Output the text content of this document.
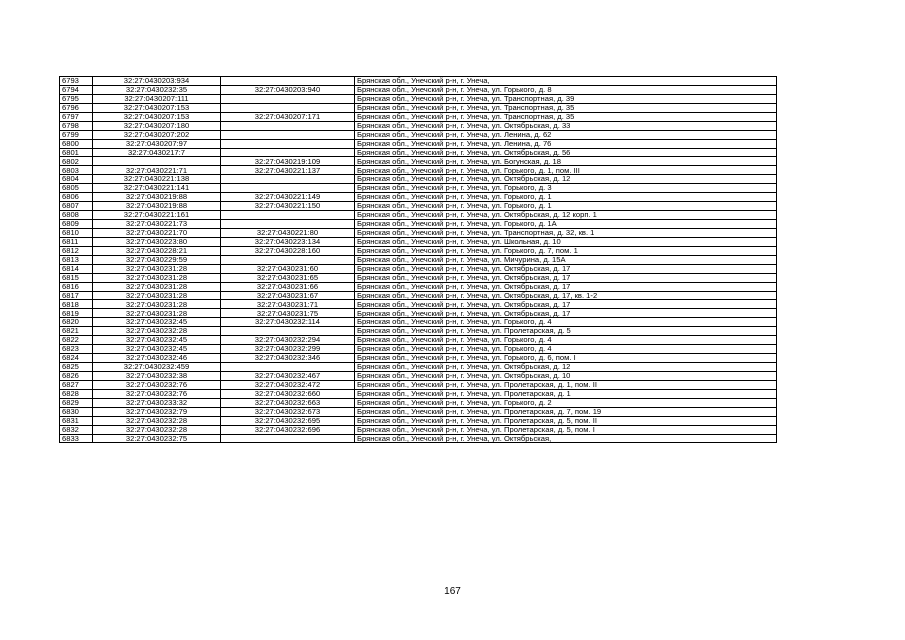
6793	32:27:0430203:934		Брянская обл., Унечский р-н, г. Унеча,
6794	32:27:0430232:35	32:27:0430203:940	Брянская обл., Унечский р-н, г. Унеча, ул. Горького, д. 8
6795	32:27:0430207:111		Брянская обл., Унечский р-н, г. Унеча, ул. Транспортная, д. 39
6796	32:27:0430207:153		Брянская обл., Унечский р-н, г. Унеча, ул. Транспортная, д. 35
6797	32:27:0430207:153	32:27:0430207:171	Брянская обл., Унечский р-н, г. Унеча, ул. Транспортная, д. 35
6798	32:27:0430207:180		Брянская обл., Унечский р-н, г. Унеча, ул. Октябрьская, д. 33
6799	32:27:0430207:202		Брянская обл., Унечский р-н, г. Унеча, ул. Ленина, д. 62
6800	32:27:0430207:97		Брянская обл., Унечский р-н, г. Унеча, ул. Ленина, д. 76
6801	32:27:0430217:7		Брянская обл., Унечский р-н, г. Унеча, ул. Октябрьская, д. 56
6802		32:27:0430219:109	Брянская обл., Унечский р-н, г. Унеча, ул. Богунская, д. 18
6803	32:27:0430221:71	32:27:0430221:137	Брянская обл., Унечский р-н, г. Унеча, ул. Горького, д. 1, пом. III
6804	32:27:0430221:138		Брянская обл., Унечский р-н, г. Унеча, ул. Октябрьская, д. 12
6805	32:27:0430221:141		Брянская обл., Унечский р-н, г. Унеча, ул. Горького, д. 3
6806	32:27:0430219:88	32:27:0430221:149	Брянская обл., Унечский р-н, г. Унеча, ул. Горького, д. 1
6807	32:27:0430219:88	32:27:0430221:150	Брянская обл., Унечский р-н, г. Унеча, ул. Горького, д. 1
6808	32:27:0430221:161		Брянская обл., Унечский р-н, г. Унеча, ул. Октябрьская, д. 12 корп. 1
6809	32:27:0430221:73		Брянская обл., Унечский р-н, г. Унеча, ул. Горького, д. 1А
6810	32:27:0430221:70	32:27:0430221:80	Брянская обл., Унечский р-н, г. Унеча, ул. Транспортная, д. 32, кв. 1
6811	32:27:0430223:80	32:27:0430223:134	Брянская обл., Унечский р-н, г. Унеча, ул. Школьная, д. 10
6812	32:27:0430228:21	32:27:0430228:160	Брянская обл., Унечский р-н, г. Унеча, ул. Горького, д. 7, пом. 1
6813	32:27:0430229:59		Брянская обл., Унечский р-н, г. Унеча, ул. Мичурина, д. 15А
6814	32:27:0430231:28	32:27:0430231:60	Брянская обл., Унечский р-н, г. Унеча, ул. Октябрьская, д. 17
6815	32:27:0430231:28	32:27:0430231:65	Брянская обл., Унечский р-н, г. Унеча, ул. Октябрьская, д. 17
6816	32:27:0430231:28	32:27:0430231:66	Брянская обл., Унечский р-н, г. Унеча, ул. Октябрьская, д. 17
6817	32:27:0430231:28	32:27:0430231:67	Брянская обл., Унечский р-н, г. Унеча, ул. Октябрьская, д. 17, кв. 1-2
6818	32:27:0430231:28	32:27:0430231:71	Брянская обл., Унечский р-н, г. Унеча, ул. Октябрьская, д. 17
6819	32:27:0430231:28	32:27:0430231:75	Брянская обл., Унечский р-н, г. Унеча, ул. Октябрьская, д. 17
6820	32:27:0430232:45	32:27:0430232:114	Брянская обл., Унечский р-н, г. Унеча, ул. Горького, д. 4
6821	32:27:0430232:28		Брянская обл., Унечский р-н, г. Унеча, ул. Пролетарская, д. 5
6822	32:27:0430232:45	32:27:0430232:294	Брянская обл., Унечский р-н, г. Унеча, ул. Горького, д. 4
6823	32:27:0430232:45	32:27:0430232:299	Брянская обл., Унечский р-н, г. Унеча, ул. Горького, д. 4
6824	32:27:0430232:46	32:27:0430232:346	Брянская обл., Унечский р-н, г. Унеча, ул. Горького, д. 6, пом. I
6825	32:27:0430232:459		Брянская обл., Унечский р-н, г. Унеча, ул. Октябрьская, д. 12
6826	32:27:0430232:38	32:27:0430232:467	Брянская обл., Унечский р-н, г. Унеча, ул. Октябрьская, д. 10
6827	32:27:0430232:76	32:27:0430232:472	Брянская обл., Унечский р-н, г. Унеча, ул. Пролетарская, д. 1, пом. II
6828	32:27:0430232:76	32:27:0430232:660	Брянская обл., Унечский р-н, г. Унеча, ул. Пролетарская, д. 1
6829	32:27:0430233:32	32:27:0430232:663	Брянская обл., Унечский р-н, г. Унеча, ул. Горького, д. 2
6830	32:27:0430232:79	32:27:0430232:673	Брянская обл., Унечский р-н, г. Унеча, ул. Пролетарская, д. 7, пом. 19
6831	32:27:0430232:28	32:27:0430232:695	Брянская обл., Унечский р-н, г. Унеча, ул. Пролетарская, д. 5, пом. II
6832	32:27:0430232:28	32:27:0430232:696	Брянская обл., Унечский р-н, г. Унеча, ул. Пролетарская, д. 5, пом. I
6833	32:27:0430232:75		Брянская обл., Унечский р-н, г. Унеча, ул. Октябрьская,
167
